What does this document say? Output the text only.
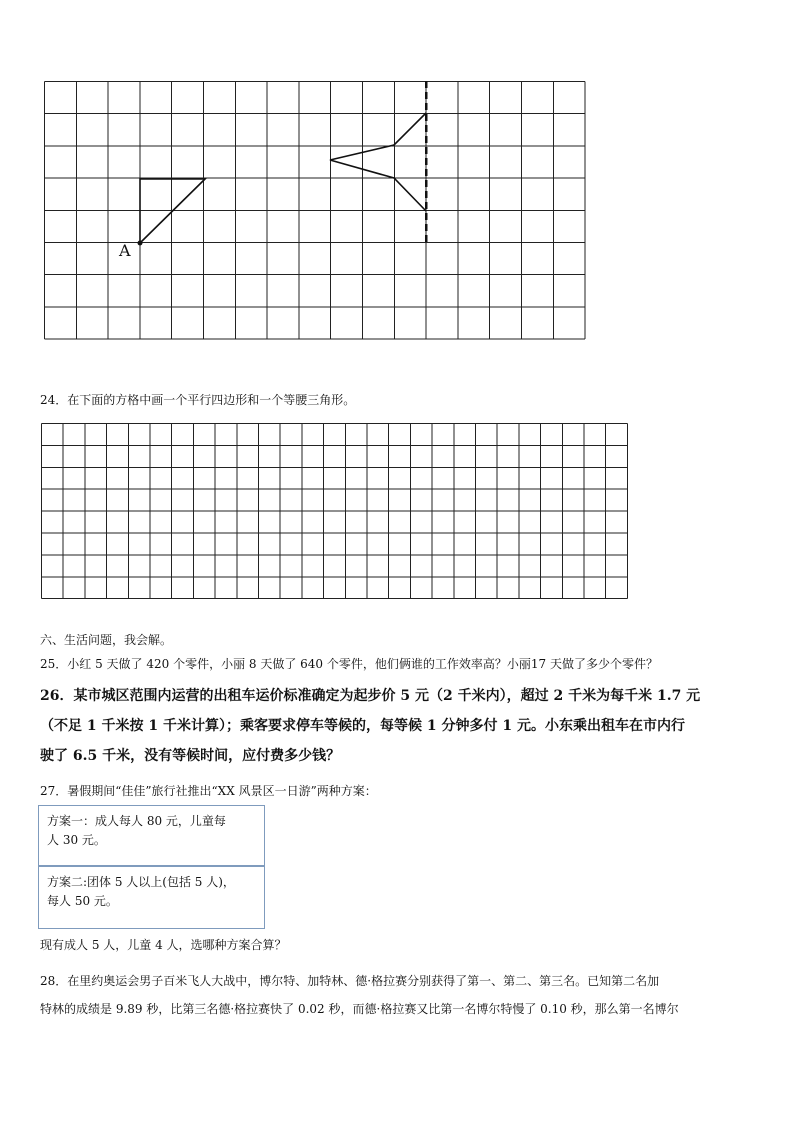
A
24．在下面的方格中画一个平行四边形和一个等腰三角形。
六、生活问题，我会解。
25．小红 5 天做了 420 个零件，小丽 8 天做了 640 个零件，他们俩谁的工作效率高？小丽17 天做了多少个零件？
26．某市城区范围内运营的出租车运价标准确定为起步价 5 元（2 千米内），超过 2 千米为每千米 1.7 元
（不足 1 千米按 1 千米计算）；乘客要求停车等候的，每等候 1 分钟多付 1 元。小东乘出租车在市内行
驶了 6.5 千米，没有等候时间，应付费多少钱？
27．暑假期间“佳佳”旅行社推出“XX 风景区一日游”两种方案：
方案一：成人每人 80 元，儿童每
人 30 元。
方案二:团体 5 人以上(包括 5 人)，
每人 50 元。
现有成人 5 人，儿童 4 人，选哪种方案合算？
28．在里约奥运会男子百米飞人大战中，博尔特、加特林、德·格拉赛分别获得了第一、第二、第三名。已知第二名加
特林的成绩是 9.89 秒，比第三名德·格拉赛快了 0.02 秒，而德·格拉赛又比第一名博尔特慢了 0.10 秒，那么第一名博尔
